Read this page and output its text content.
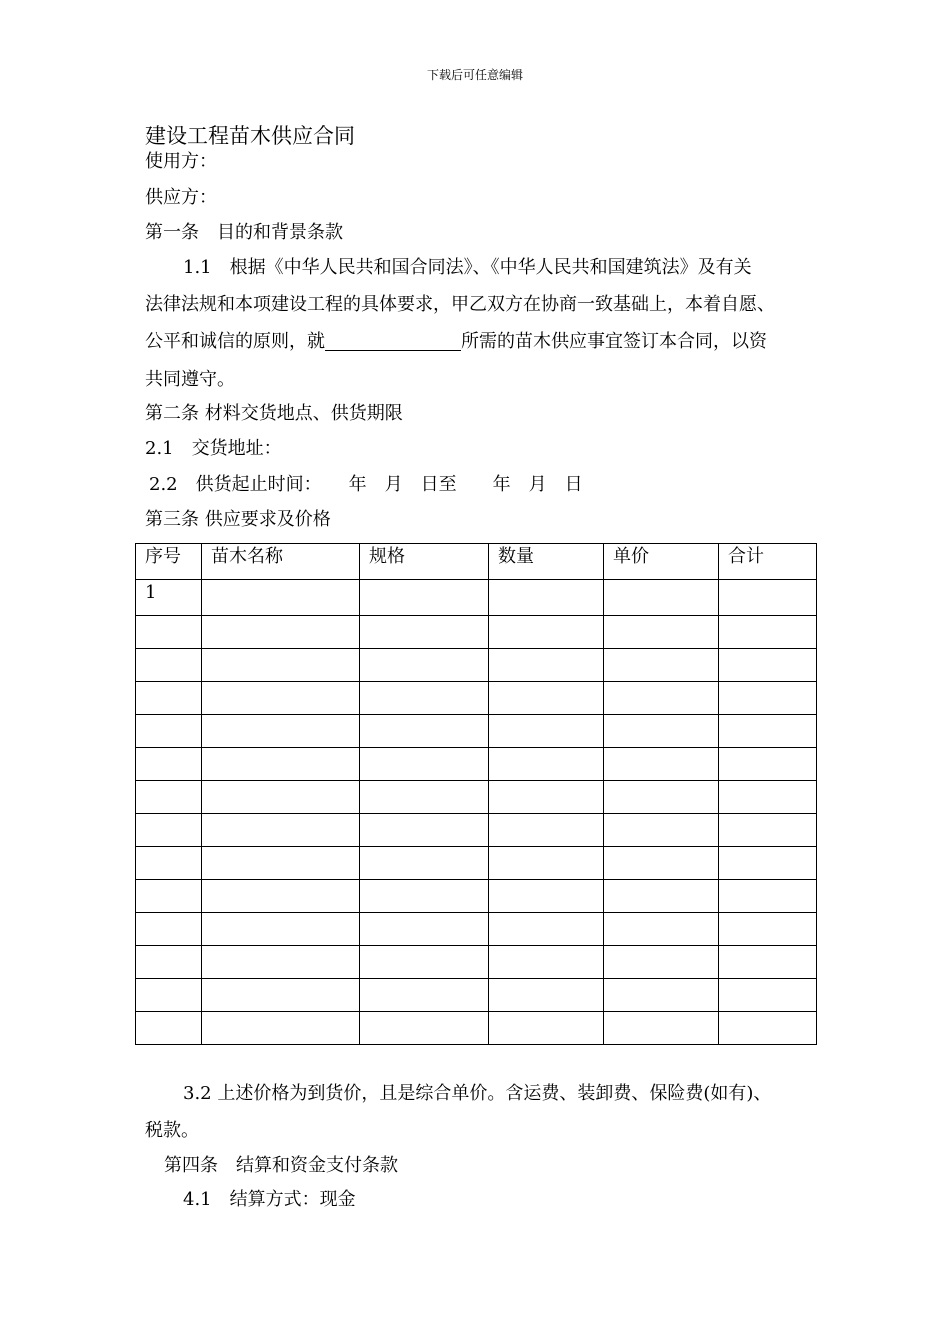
下载后可任意编辑
建设工程苗木供应合同
使用方：
供应方：
第一条　目的和背景条款
1.1　根据《中华人民共和国合同法》、《中华人民共和国建筑法》及有关
法律法规和本项建设工程的具体要求，甲乙双方在协商一致基础上，本着自愿、
公平和诚信的原则，就	所需的苗木供应事宜签订本合同，以资
共同遵守。
第二条 材料交货地点、供货期限
2.1　交货地址：
2.2　供货起止时间：　　年　月　日至　　年　月　日
第三条 供应要求及价格
序号	苗木名称	规格	数量	单价	合计
1					

3.2 上述价格为到货价，且是综合单价。含运费、装卸费、保险费(如有)、
税款。
第四条　结算和资金支付条款
4.1　结算方式：现金
